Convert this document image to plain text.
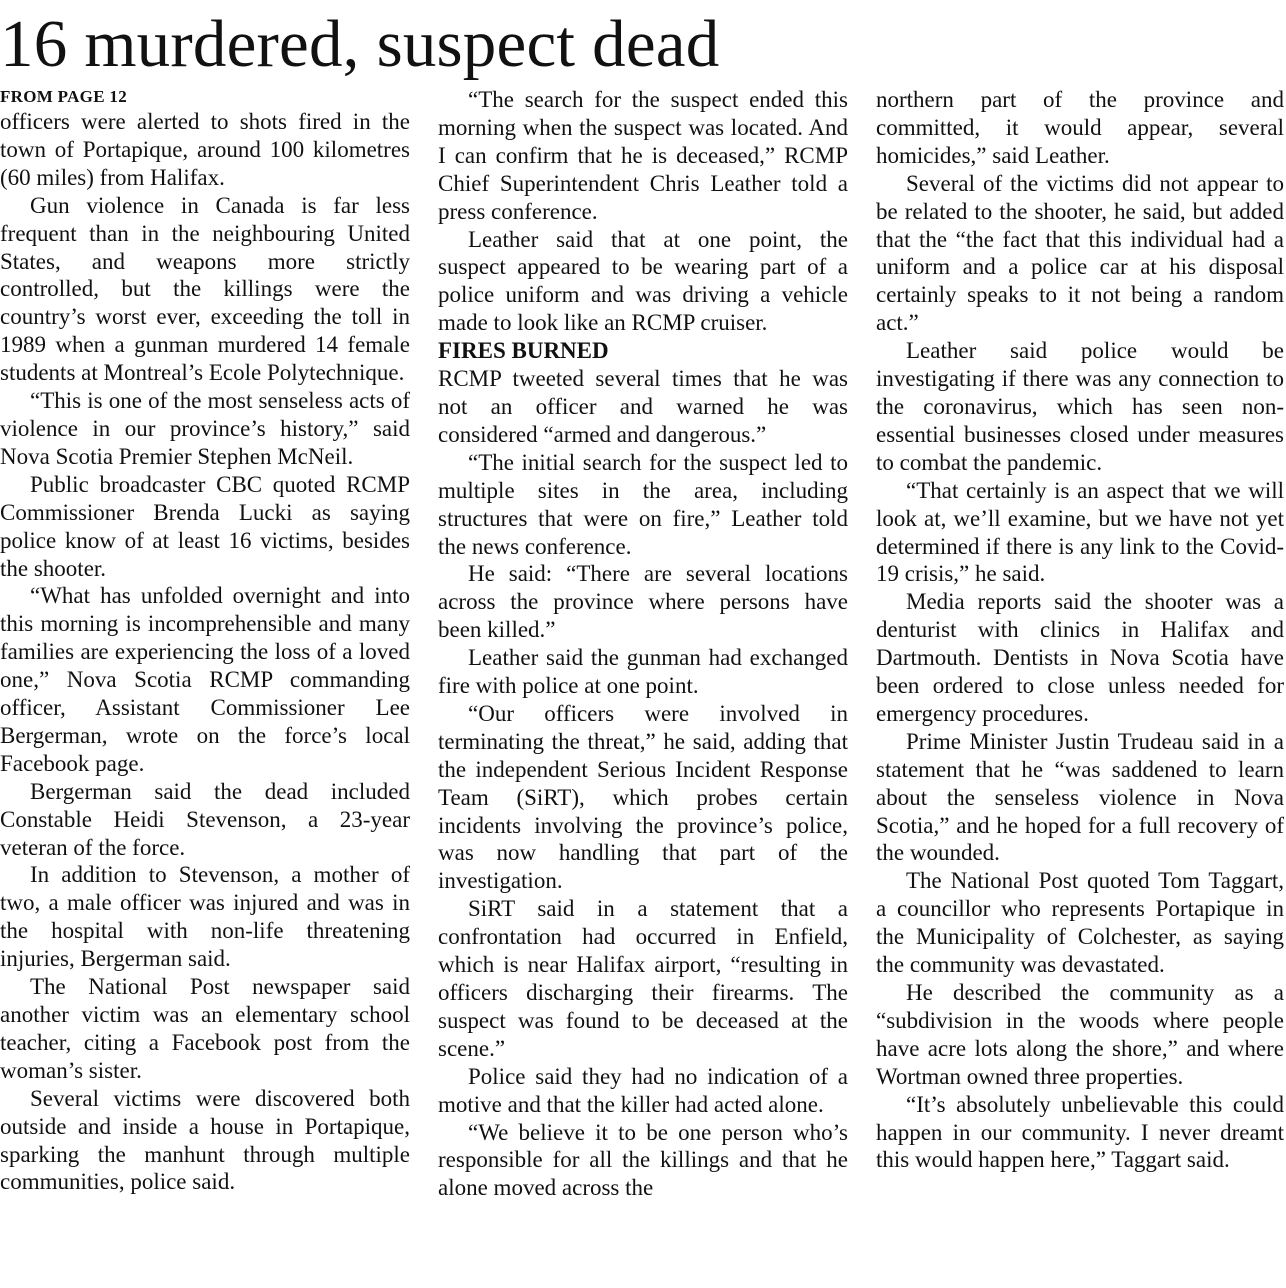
16 murdered, suspect dead
FROM PAGE 12

officers were alerted to shots fired in the town of Portapique, around 100 kilometres (60 miles) from Halifax.

Gun violence in Canada is far less frequent than in the neighbouring United States, and weapons more strictly controlled, but the killings were the country’s worst ever, exceeding the toll in 1989 when a gunman murdered 14 female students at Montreal’s Ecole Polytechnique.

“This is one of the most senseless acts of violence in our province’s history,” said Nova Scotia Premier Stephen McNeil.

Public broadcaster CBC quoted RCMP Commissioner Brenda Lucki as saying police know of at least 16 victims, besides the shooter.

“What has unfolded overnight and into this morning is incomprehensible and many families are experiencing the loss of a loved one,” Nova Scotia RCMP commanding officer, Assistant Commissioner Lee Bergerman, wrote on the force’s local Facebook page.

Bergerman said the dead included Constable Heidi Stevenson, a 23-year veteran of the force.

In addition to Stevenson, a mother of two, a male officer was injured and was in the hospital with non-life threatening injuries, Bergerman said.

The National Post newspaper said another victim was an elementary school teacher, citing a Facebook post from the woman’s sister.

Several victims were discovered both outside and inside a house in Portapique, sparking the manhunt through multiple communities, police said.

“The search for the suspect ended this morning when the suspect was located. And I can confirm that he is deceased,” RCMP Chief Superintendent Chris Leather told a press conference.

Leather said that at one point, the suspect appeared to be wearing part of a police uniform and was driving a vehicle made to look like an RCMP cruiser.

FIRES BURNED

RCMP tweeted several times that he was not an officer and warned he was considered “armed and dangerous.”

“The initial search for the suspect led to multiple sites in the area, including structures that were on fire,” Leather told the news conference.

He said: “There are several locations across the province where persons have been killed.”

Leather said the gunman had exchanged fire with police at one point.

“Our officers were involved in terminating the threat,” he said, adding that the independent Serious Incident Response Team (SiRT), which probes certain incidents involving the province’s police, was now handling that part of the investigation.

SiRT said in a statement that a confrontation had occurred in Enfield, which is near Halifax airport, “resulting in officers discharging their firearms. The suspect was found to be deceased at the scene.”

Police said they had no indication of a motive and that the killer had acted alone.

“We believe it to be one person who’s responsible for all the killings and that he alone moved across the

northern part of the province and committed, it would appear, several homicides,” said Leather.

Several of the victims did not appear to be related to the shooter, he said, but added that the “the fact that this individual had a uniform and a police car at his disposal certainly speaks to it not being a random act.”

Leather said police would be investigating if there was any connection to the coronavirus, which has seen non-essential businesses closed under measures to combat the pandemic.

“That certainly is an aspect that we will look at, we’ll examine, but we have not yet determined if there is any link to the Covid-19 crisis,” he said.

Media reports said the shooter was a denturist with clinics in Halifax and Dartmouth. Dentists in Nova Scotia have been ordered to close unless needed for emergency procedures.

Prime Minister Justin Trudeau said in a statement that he “was saddened to learn about the senseless violence in Nova Scotia,” and he hoped for a full recovery of the wounded.

The National Post quoted Tom Taggart, a councillor who represents Portapique in the Municipality of Colchester, as saying the community was devastated.

He described the community as a “subdivision in the woods where people have acre lots along the shore,” and where Wortman owned three properties.

“It’s absolutely unbelievable this could happen in our community. I never dreamt this would happen here,” Taggart said.
